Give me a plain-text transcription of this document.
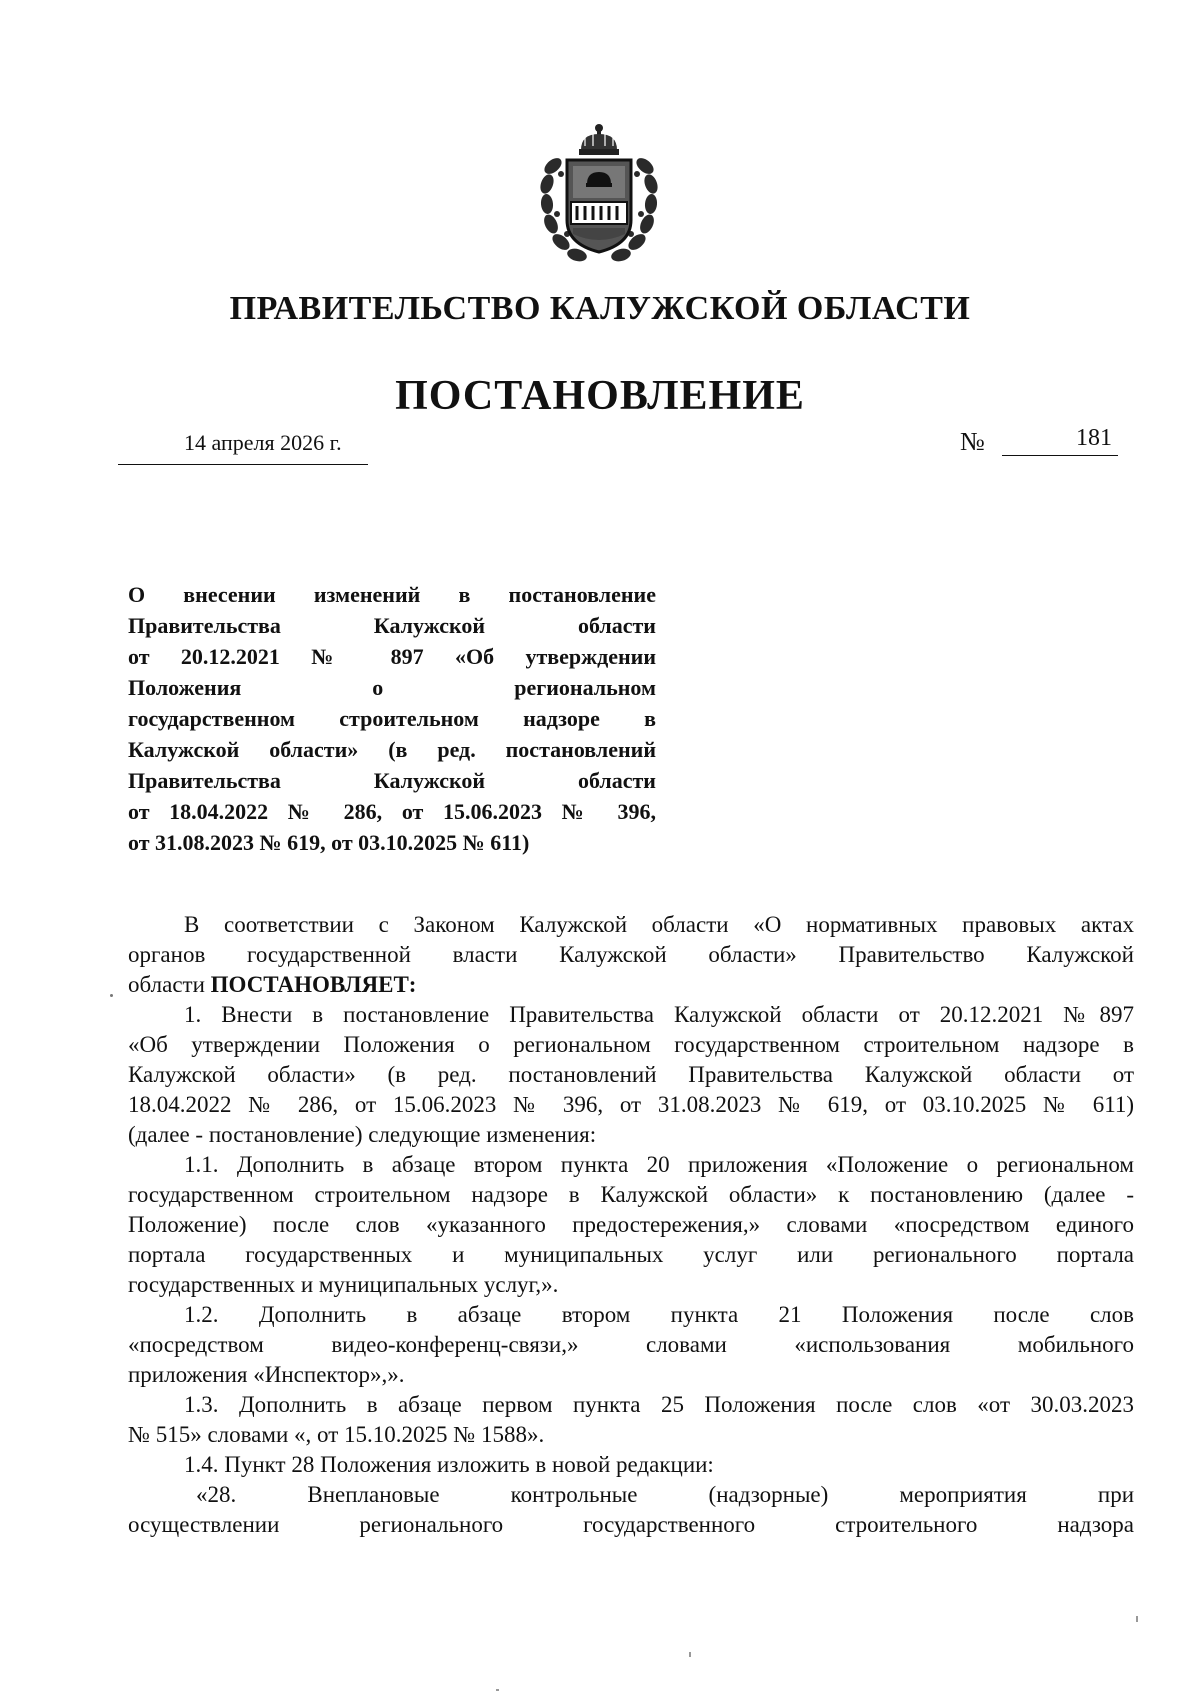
ПРАВИТЕЛЬСТВО КАЛУЖСКОЙ ОБЛАСТИ
ПОСТАНОВЛЕНИЕ
14 апреля 2026 г.	№	181
О внесении изменений в постановление
Правительства Калужской области
от 20.12.2021 № 897 «Об утверждении
Положения о региональном
государственном строительном надзоре в
Калужской области» (в ред. постановлений
Правительства Калужской области
от 18.04.2022 № 286, от 15.06.2023 № 396,
от 31.08.2023 № 619, от 03.10.2025 № 611)
В соответствии с Законом Калужской области «О нормативных правовых актах
органов государственной власти Калужской области» Правительство Калужской
области ПОСТАНОВЛЯЕТ:
1. Внести в постановление Правительства Калужской области от 20.12.2021 №897
«Об утверждении Положения о региональном государственном строительном надзоре в
Калужской области» (в ред. постановлений Правительства Калужской области от
18.04.2022 № 286, от 15.06.2023 № 396, от 31.08.2023 № 619, от 03.10.2025 № 611)
(далее - постановление) следующие изменения:
1.1. Дополнить в абзаце втором пункта 20 приложения «Положение о региональном
государственном строительном надзоре в Калужской области» к постановлению (далее -
Положение) после слов «указанного предостережения,» словами «посредством единого
портала государственных и муниципальных услуг или регионального портала
государственных и муниципальных услуг,».
1.2. Дополнить в абзаце втором пункта 21 Положения после слов
«посредством видео-конференц-связи,» словами «использования мобильного
приложения «Инспектор»,».
1.3. Дополнить в абзаце первом пункта 25 Положения после слов «от 30.03.2023
№ 515» словами «, от 15.10.2025 № 1588».
1.4. Пункт 28 Положения изложить в новой редакции:
«28. Внеплановые контрольные (надзорные) мероприятия при
осуществлении регионального государственного строительного надзора
